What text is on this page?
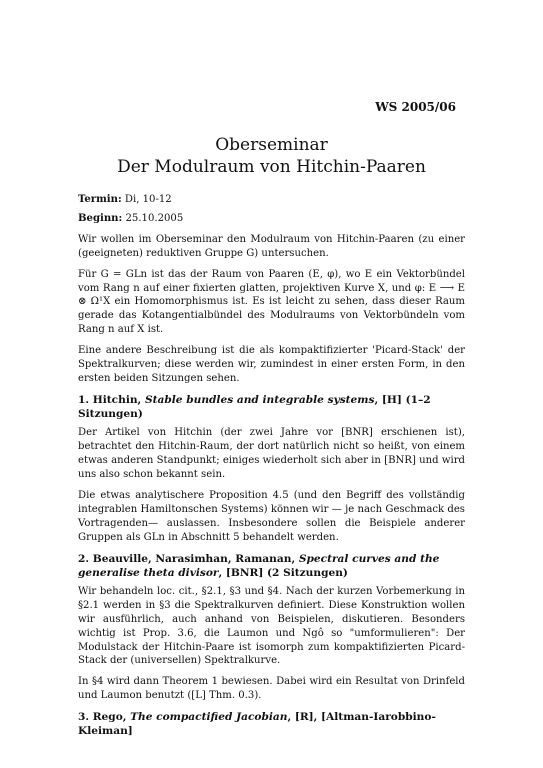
WS 2005/06
Oberseminar
Der Modulraum von Hitchin-Paaren
Termin: Di, 10-12
Beginn: 25.10.2005

Wir wollen im Oberseminar den Modulraum von Hitchin-Paaren (zu einer (geeigneten) reduktiven Gruppe G) untersuchen.

Für G = GLn ist das der Raum von Paaren (E, φ), wo E ein Vektorbündel vom Rang n auf einer fixierten glatten, projektiven Kurve X, und φ: E ⟶ E ⊗ Ω¹X ein Homomorphismus ist. Es ist leicht zu sehen, dass dieser Raum gerade das Kotangentialbündel des Modulraums von Vektorbündeln vom Rang n auf X ist.

Eine andere Beschreibung ist die als kompaktifizierter 'Picard-Stack' der Spektralkurven; diese werden wir, zumindest in einer ersten Form, in den ersten beiden Sitzungen sehen.

1. Hitchin, Stable bundles and integrable systems, [H] (1–2 Sitzungen)

Der Artikel von Hitchin (der zwei Jahre vor [BNR] erschienen ist), betrachtet den Hitchin-Raum, der dort natürlich nicht so heißt, von einem etwas anderen Standpunkt; einiges wiederholt sich aber in [BNR] und wird uns also schon bekannt sein.

Die etwas analytischere Proposition 4.5 (und den Begriff des vollständig integrablen Hamiltonschen Systems) können wir — je nach Geschmack des Vortragenden— auslassen. Insbesondere sollen die Beispiele anderer Gruppen als GLn in Abschnitt 5 behandelt werden.

2. Beauville, Narasimhan, Ramanan, Spectral curves and the generalise theta divisor, [BNR] (2 Sitzungen)

Wir behandeln loc. cit., §2.1, §3 und §4. Nach der kurzen Vorbemerkung in §2.1 werden in §3 die Spektralkurven definiert. Diese Konstruktion wollen wir ausführlich, auch anhand von Beispielen, diskutieren. Besonders wichtig ist Prop. 3.6, die Laumon und Ngô so "umformulieren": Der Modulstack der Hitchin-Paare ist isomorph zum kompaktifizierten Picard-Stack der (universellen) Spektralkurve.

In §4 wird dann Theorem 1 bewiesen. Dabei wird ein Resultat von Drinfeld und Laumon benutzt ([L] Thm. 0.3).

3. Rego, The compactified Jacobian, [R], [Altman-Iarobbino-Kleiman]
